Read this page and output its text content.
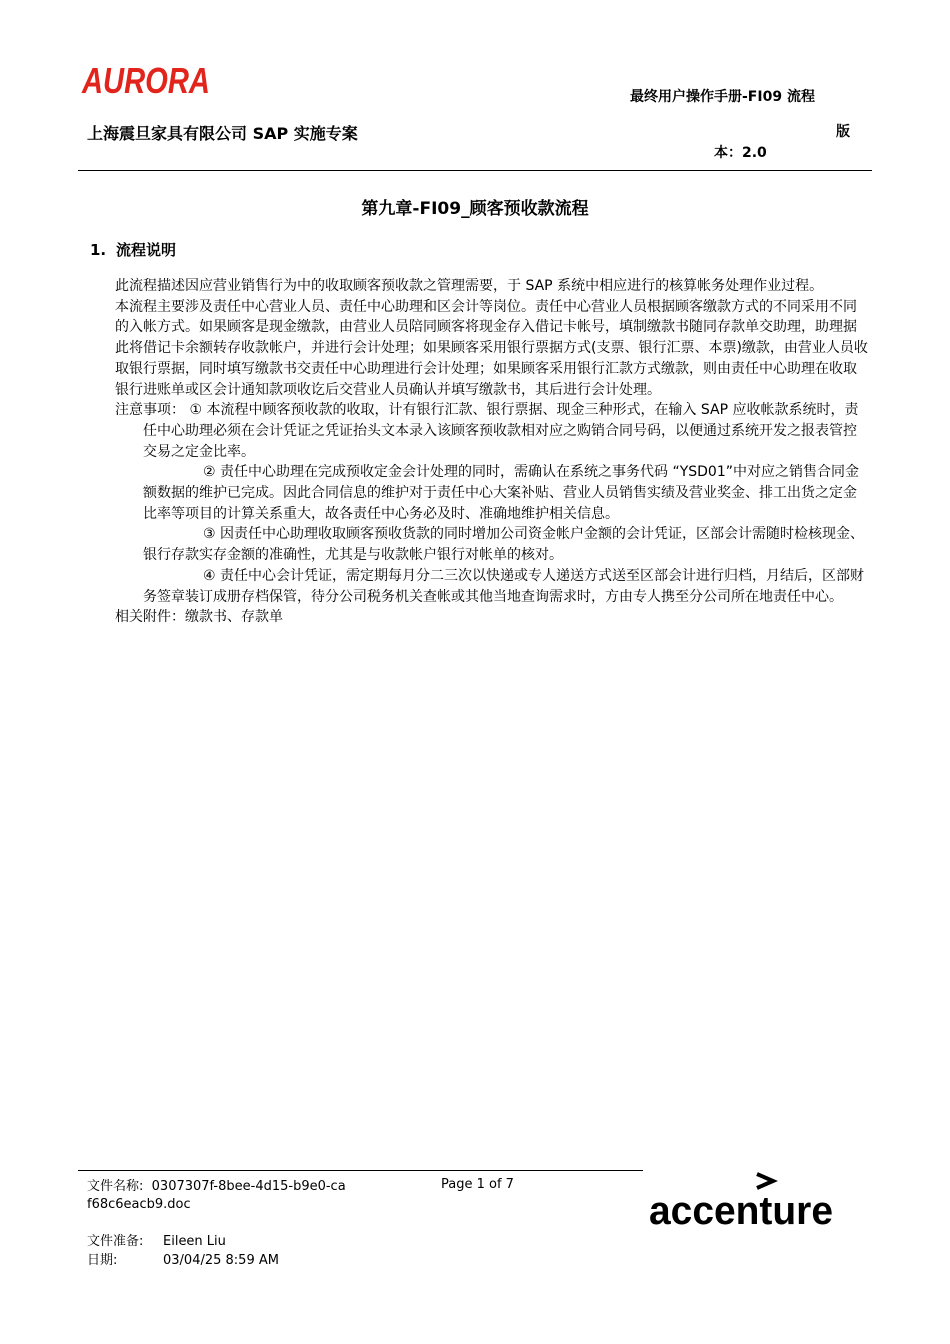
AURORA	最终用户操作手册-FI09 流程
上海震旦家具有限公司 SAP 实施专案	版
本：2.0
第九章-FI09_顾客预收款流程
1. 流程说明

此流程描述因应营业销售行为中的收取顾客预收款之管理需要，于 SAP 系统中相应进行的核算帐务处理作业过程。

本流程主要涉及责任中心营业人员、责任中心助理和区会计等岗位。责任中心营业人员根据顾客缴款方式的不同采用不同的入帐方式。如果顾客是现金缴款，由营业人员陪同顾客将现金存入借记卡帐号，填制缴款书随同存款单交助理，助理据此将借记卡余额转存收款帐户，并进行会计处理；如果顾客采用银行票据方式(支票、银行汇票、本票)缴款，由营业人员收取银行票据，同时填写缴款书交责任中心助理进行会计处理；如果顾客采用银行汇款方式缴款，则由责任中心助理在收取银行进账单或区会计通知款项收讫后交营业人员确认并填写缴款书，其后进行会计处理。

注意事项： ① 本流程中顾客预收款的收取，计有银行汇款、银行票据、现金三种形式，在输入 SAP 应收帐款系统时，责任中心助理必须在会计凭证之凭证抬头文本录入该顾客预收款相对应之购销合同号码，以便通过系统开发之报表管控交易之定金比率。

② 责任中心助理在完成预收定金会计处理的同时，需确认在系统之事务代码 “YSD01”中对应之销售合同金额数据的维护已完成。因此合同信息的维护对于责任中心大案补贴、营业人员销售实绩及营业奖金、排工出货之定金比率等项目的计算关系重大，故各责任中心务必及时、准确地维护相关信息。

③ 因责任中心助理收取顾客预收货款的同时增加公司资金帐户金额的会计凭证，区部会计需随时检核现金、银行存款实存金额的准确性，尤其是与收款帐户银行对帐单的核对。

④ 责任中心会计凭证，需定期每月分二三次以快递或专人递送方式送至区部会计进行归档，月结后，区部财务签章装订成册存档保管，待分公司税务机关查帐或其他当地查询需求时，方由专人携至分公司所在地责任中心。

相关附件：缴款书、存款单

文件名称: 0307307f-8bee-4d15-b9e0-caf68c6eacb9.doc
Page 1 of 7
文件准备: Eileen Liu
日期:	03/04/25 8:59 AM
accenture
